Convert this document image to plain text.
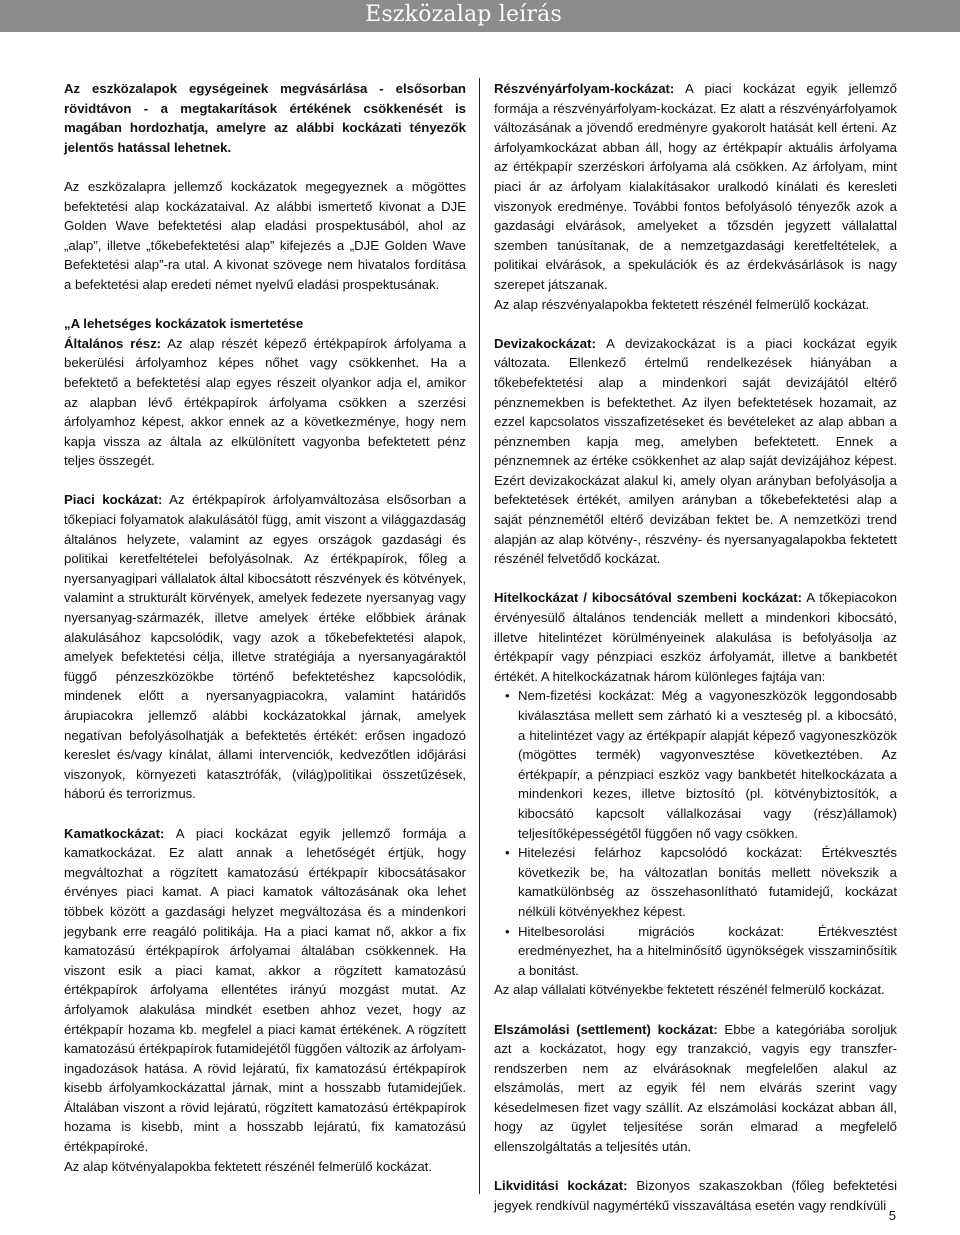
Eszközalap leírás

Az eszközalapok egységeinek megvásárlása - elsősorban rövidtávon - a megtakarítások értékének csökkenését is magában hordozhatja, amelyre az alábbi kockázati tényezők jelentős hatással lehetnek.

Az eszközalapra jellemző kockázatok megegyeznek a mögöttes befektetési alap kockázataival. Az alábbi ismertető kivonat a DJE Golden Wave befektetési alap eladási prospektusából, ahol az „alap”, illetve „tőkebefektetési alap” kifejezés a „DJE Golden Wave Befektetési alap”-ra utal. A kivonat szövege nem hivatalos fordítása a befektetési alap eredeti német nyelvű eladási prospektusának.

„A lehetséges kockázatok ismertetése

Általános rész: Az alap részét képező értékpapírok árfolyama a bekerülési árfolyamhoz képes nőhet vagy csökkenhet. Ha a befektető a befektetési alap egyes részeit olyankor adja el, amikor az alapban lévő értékpapírok árfolyama csökken a szerzési árfolyamhoz képest, akkor ennek az a következménye, hogy nem kapja vissza az általa az elkülönített vagyonba befektetett pénz teljes összegét.

Piaci kockázat: Az értékpapírok árfolyamváltozása elsősorban a tőkepiaci folyamatok alakulásától függ, amit viszont a világgazdaság általános helyzete, valamint az egyes országok gazdasági és politikai keretfeltételei befolyásolnak. Az értékpapírok, főleg a nyersanyagipari vállalatok által kibocsátott részvények és kötvények, valamint a strukturált körvények, amelyek fedezete nyersanyag vagy nyersanyag-származék, illetve amelyek értéke előbbiek árának alakulásához kapcsolódik, vagy azok a tőkebefektetési alapok, amelyek befektetési célja, illetve stratégiája a nyersanyagáraktól függő pénzeszközökbe történő befektetéshez kapcsolódik, mindenek előtt a nyersanyagpiacokra, valamint határidős árupiacokra jellemző alábbi kockázatokkal járnak, amelyek negatívan befolyásolhatják a befektetés értékét: erősen ingadozó kereslet és/vagy kínálat, állami intervenciók, kedvezőtlen időjárási viszonyok, környezeti katasztrófák, (világ)politikai összetűzések, háború és terrorizmus.

Kamatkockázat: A piaci kockázat egyik jellemző formája a kamatkockázat. Ez alatt annak a lehetőségét értjük, hogy megváltozhat a rögzített kamatozású értékpapír kibocsátásakor érvényes piaci kamat. A piaci kamatok változásának oka lehet többek között a gazdasági helyzet megváltozása és a mindenkori jegybank erre reagáló politikája. Ha a piaci kamat nő, akkor a fix kamatozású értékpapírok árfolyamai általában csökkennek. Ha viszont esik a piaci kamat, akkor a rögzített kamatozású értékpapírok árfolyama ellentétes irányú mozgást mutat. Az árfolyamok alakulása mindkét esetben ahhoz vezet, hogy az értékpapír hozama kb. megfelel a piaci kamat értékének. A rögzített kamatozású értékpapírok futamidejétől függően változik az árfolyam-ingadozások hatása. A rövid lejáratú, fix kamatozású értékpapírok kisebb árfolyamkockázattal járnak, mint a hosszabb futamidejűek. Általában viszont a rövid lejáratú, rögzített kamatozású értékpapírok hozama is kisebb, mint a hosszabb lejáratú, fix kamatozású értékpapíroké.

Az alap kötvényalapokba fektetett részénél felmerülő kockázat.

Részvényárfolyam-kockázat: A piaci kockázat egyik jellemző formája a részvényárfolyam-kockázat. Ez alatt a részvényárfolyamok változásának a jövendő eredményre gyakorolt hatását kell érteni. Az árfolyamkockázat abban áll, hogy az értékpapír aktuális árfolyama az értékpapír szerzéskori árfolyama alá csökken. Az árfolyam, mint piaci ár az árfolyam kialakításakor uralkodó kínálati és keresleti viszonyok eredménye. További fontos befolyásoló tényezők azok a gazdasági elvárások, amelyeket a tőzsdén jegyzett vállalattal szemben tanúsítanak, de a nemzetgazdasági keretfeltételek, a politikai elvárások, a spekulációk és az érdekvásárlások is nagy szerepet játszanak.

Az alap részvényalapokba fektetett részénél felmerülő kockázat.

Devizakockázat: A devizakockázat is a piaci kockázat egyik változata. Ellenkező értelmű rendelkezések hiányában a tőkebefektetési alap a mindenkori saját devizájától eltérő pénznemekben is befektethet. Az ilyen befektetések hozamait, az ezzel kapcsolatos visszafizetéseket és bevételeket az alap abban a pénznemben kapja meg, amelyben befektetett. Ennek a pénznemnek az értéke csökkenhet az alap saját devizájához képest. Ezért devizakockázat alakul ki, amely olyan arányban befolyásolja a befektetések értékét, amilyen arányban a tőkebefektetési alap a saját pénznemétől eltérő devizában fektet be. A nemzetközi trend alapján az alap kötvény-, részvény- és nyersanyagalapokba fektetett részénél felvetődő kockázat.

Hitelkockázat / kibocsátóval szembeni kockázat: A tőkepiacokon érvényesülő általános tendenciák mellett a mindenkori kibocsátó, illetve hitelintézet körülményeinek alakulása is befolyásolja az értékpapír vagy pénzpiaci eszköz árfolyamát, illetve a bankbetét értékét. A hitelkockázatnak három különleges fajtája van:

• Nem-fizetési kockázat: Még a vagyoneszközök leggondosabb kiválasztása mellett sem zárható ki a veszteség pl. a kibocsátó, a hitelintézet vagy az értékpapír alapját képező vagyoneszközök (mögöttes termék) vagyonvesztése következtében. Az értékpapír, a pénzpiaci eszköz vagy bankbetét hitelkockázata a mindenkori kezes, illetve biztosító (pl. kötvénybiztosítók, a kibocsátó kapcsolt vállalkozásai vagy (rész)államok) teljesítőképességétől függően nő vagy csökken.
• Hitelezési felárhoz kapcsolódó kockázat: Értékvesztés következik be, ha változatlan bonitás mellett növekszik a kamatkülönbség az összehasonlítható futamidejű, kockázat nélküli kötvényekhez képest.
• Hitelbesorolási migrációs kockázat: Értékvesztést eredményezhet, ha a hitelminősítő ügynökségek visszaminősítik a bonitást.

Az alap vállalati kötvényekbe fektetett részénél felmerülő kockázat.

Elszámolási (settlement) kockázat: Ebbe a kategóriába soroljuk azt a kockázatot, hogy egy tranzakció, vagyis egy transzfer-rendszerben nem az elvárásoknak megfelelően alakul az elszámolás, mert az egyik fél nem elvárás szerint vagy késedelmesen fizet vagy szállít. Az elszámolási kockázat abban áll, hogy az ügylet teljesítése során elmarad a megfelelő ellenszolgáltatás a teljesítés után.

Likviditási kockázat: Bizonyos szakaszokban (főleg befektetési jegyek rendkívül nagymértékű visszaváltása esetén vagy rendkívüli

5
